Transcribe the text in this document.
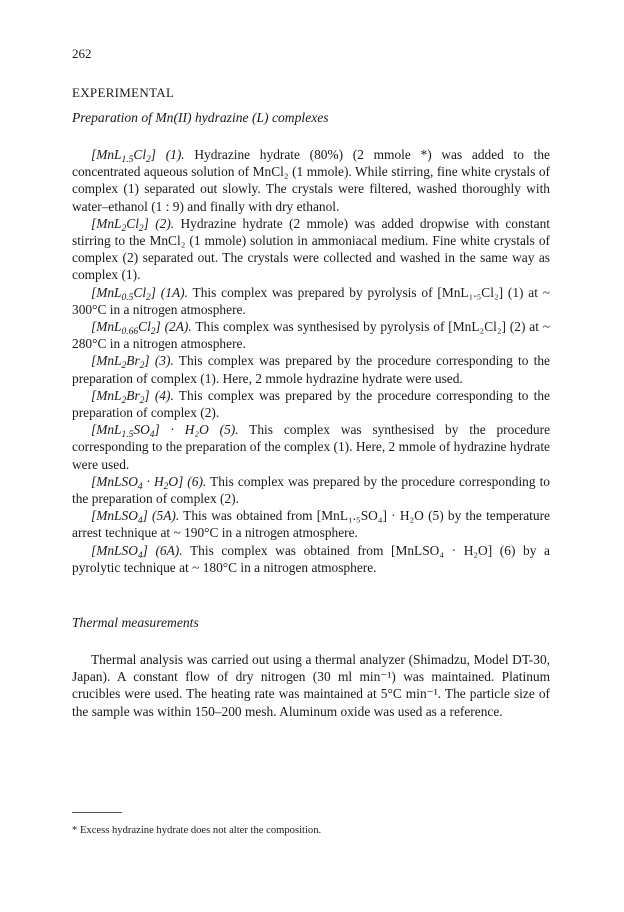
262
EXPERIMENTAL
Preparation of Mn(II) hydrazine (L) complexes

$[MnL_{1.5}Cl_2]$ (1). Hydrazine hydrate (80%) (2 mmole *) was added to the concentrated aqueous solution of MnCl₂ (1 mmole). While stirring, fine white crystals of complex (1) separated out slowly. The crystals were filtered, washed thoroughly with water–ethanol (1 : 9) and finally with dry ethanol.

$[MnL_2Cl_2]$ (2). Hydrazine hydrate (2 mmole) was added dropwise with constant stirring to the MnCl₂ (1 mmole) solution in ammoniacal medium. Fine white crystals of complex (2) separated out. The crystals were collected and washed in the same way as complex (1).

$[MnL_{0.5}Cl_2]$ (1A). This complex was prepared by pyrolysis of [MnL₁.₅Cl₂] (1) at ~ 300°C in a nitrogen atmosphere.

$[MnL_{0.66}Cl_2]$ (2A). This complex was synthesised by pyrolysis of [MnL₂Cl₂] (2) at ~ 280°C in a nitrogen atmosphere.

$[MnL_2Br_2]$ (3). This complex was prepared by the procedure corresponding to the preparation of complex (1). Here, 2 mmole hydrazine hydrate were used.

$[MnL_2Br_2]$ (4). This complex was prepared by the procedure corresponding to the preparation of complex (2).

$[MnL_{1.5}SO_4] \cdot H_2O$ (5). This complex was synthesised by the procedure corresponding to the preparation of the complex (1). Here, 2 mmole of hydrazine hydrate were used.

[MnLSO$_4$ · $H_2O$] (6). This complex was prepared by the procedure corresponding to the preparation of complex (2).

[MnLSO$_4$] (5A). This was obtained from [MnL₁.₅SO₄] · H₂O (5) by the temperature arrest technique at ~ 190°C in a nitrogen atmosphere.

[MnLSO$_4$] (6A). This complex was obtained from [MnLSO₄ · H₂O] (6) by a pyrolytic technique at ~ 180°C in a nitrogen atmosphere.

Thermal measurements

Thermal analysis was carried out using a thermal analyzer (Shimadzu, Model DT-30, Japan). A constant flow of dry nitrogen (30 ml min⁻¹) was maintained. Platinum crucibles were used. The heating rate was maintained at 5°C min⁻¹. The particle size of the sample was within 150–200 mesh. Aluminum oxide was used as a reference.

* Excess hydrazine hydrate does not alter the composition.
